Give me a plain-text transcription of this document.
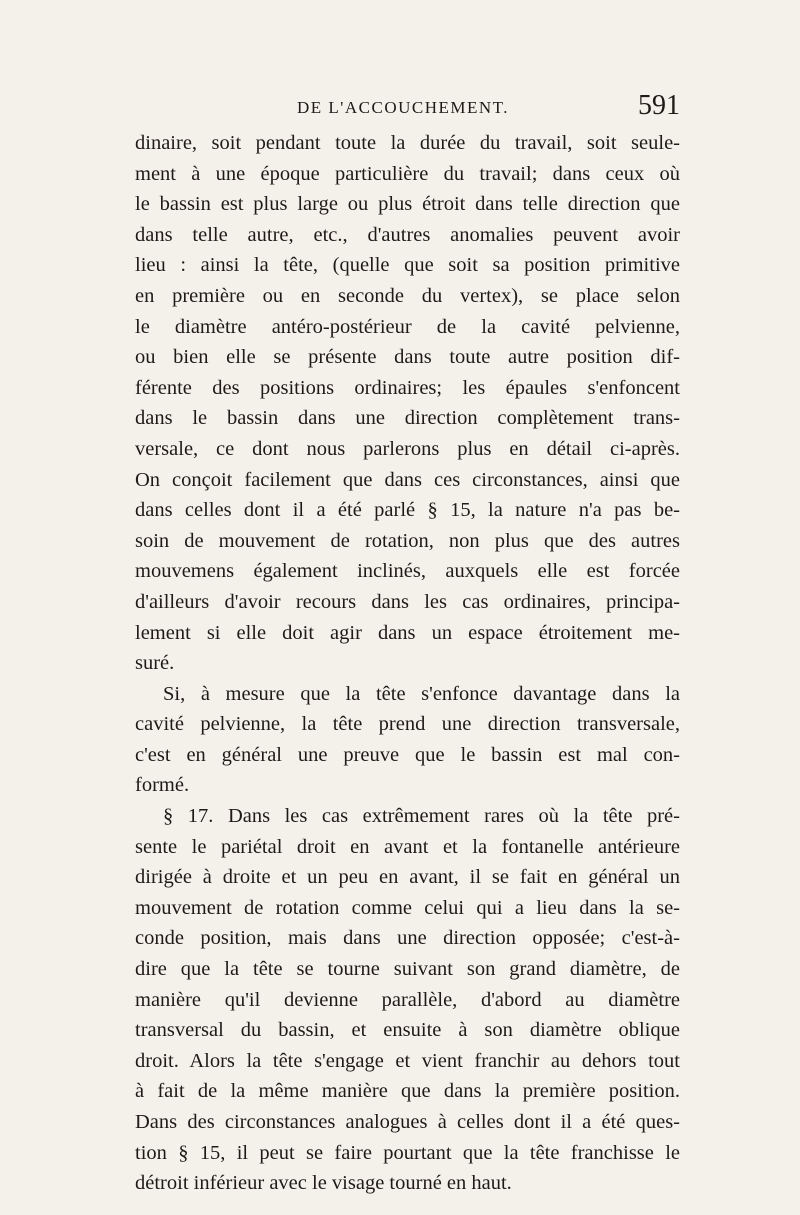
DE L'ACCOUCHEMENT.	591
dinaire, soit pendant toute la durée du travail, soit seule-
ment à une époque particulière du travail; dans ceux où
le bassin est plus large ou plus étroit dans telle direction que
dans telle autre, etc., d'autres anomalies peuvent avoir
lieu : ainsi la tête, (quelle que soit sa position primitive
en première ou en seconde du vertex), se place selon
le diamètre antéro-postérieur de la cavité pelvienne,
ou bien elle se présente dans toute autre position dif-
férente des positions ordinaires; les épaules s'enfoncent
dans le bassin dans une direction complètement trans-
versale, ce dont nous parlerons plus en détail ci-après.
On conçoit facilement que dans ces circonstances, ainsi que
dans celles dont il a été parlé § 15, la nature n'a pas be-
soin de mouvement de rotation, non plus que des autres
mouvemens également inclinés, auxquels elle est forcée
d'ailleurs d'avoir recours dans les cas ordinaires, principa-
lement si elle doit agir dans un espace étroitement me-
suré.
Si, à mesure que la tête s'enfonce davantage dans la
cavité pelvienne, la tête prend une direction transversale,
c'est en général une preuve que le bassin est mal con-
formé.
§ 17. Dans les cas extrêmement rares où la tête pré-
sente le pariétal droit en avant et la fontanelle antérieure
dirigée à droite et un peu en avant, il se fait en général un
mouvement de rotation comme celui qui a lieu dans la se-
conde position, mais dans une direction opposée; c'est-à-
dire que la tête se tourne suivant son grand diamètre, de
manière qu'il devienne parallèle, d'abord au diamètre
transversal du bassin, et ensuite à son diamètre oblique
droit. Alors la tête s'engage et vient franchir au dehors tout
à fait de la même manière que dans la première position.
Dans des circonstances analogues à celles dont il a été ques-
tion § 15, il peut se faire pourtant que la tête franchisse le
détroit inférieur avec le visage tourné en haut.
